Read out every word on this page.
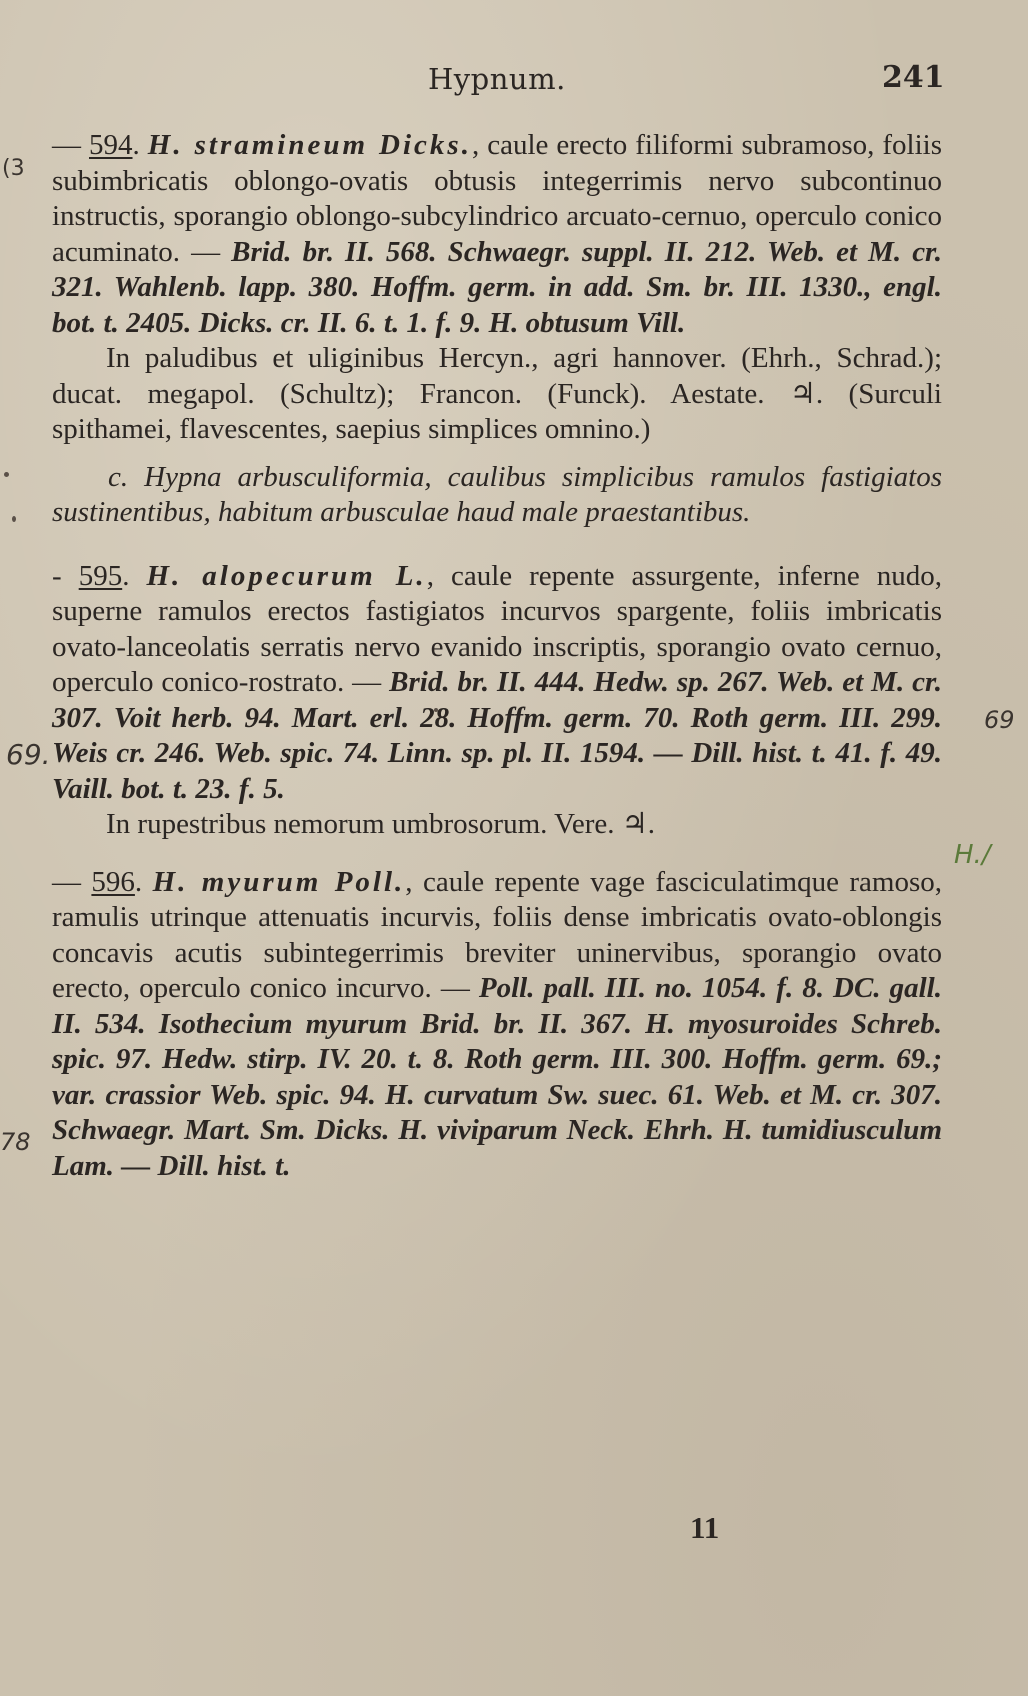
Hypnum.	241
(3
69.
69
H./
78

— 594. H. stramineum Dicks., caule erecto filiformi subramoso, foliis subimbricatis oblongo-ovatis obtusis integerrimis nervo subcontinuo instructis, sporangio oblongo-subcylindrico arcuato-cernuo, operculo conico acuminato. — Brid. br. II. 568. Schwaegr. suppl. II. 212. Web. et M. cr. 321. Wahlenb. lapp. 380. Hoffm. germ. in add. Sm. br. III. 1330., engl. bot. t. 2405. Dicks. cr. II. 6. t. 1. f. 9. H. obtusum Vill.

In paludibus et uliginibus Hercyn., agri hannover. (Ehrh., Schrad.); ducat. megapol. (Schultz); Francon. (Funck). Aestate. ♃. (Surculi spithamei, flavescentes, saepius simplices omnino.)

c. Hypna arbusculiformia, caulibus simplicibus ramulos fastigiatos sustinentibus, habitum arbusculae haud male praestantibus.

- 595. H. alopecurum L., caule repente assurgente, inferne nudo, superne ramulos erectos fastigiatos incurvos spargente, foliis imbricatis ovato-lanceolatis serratis nervo evanido inscriptis, sporangio ovato cernuo, operculo conico-rostrato. — Brid. br. II. 444. Hedw. sp. 267. Web. et M. cr. 307. Voit herb. 94. Mart. erl. 28. Hoffm. germ. 70. Roth germ. III. 299. Weis cr. 246. Web. spic. 74. Linn. sp. pl. II. 1594. — Dill. hist. t. 41. f. 49. Vaill. bot. t. 23. f. 5.

In rupestribus nemorum umbrosorum. Vere. ♃.

— 596. H. myurum Poll., caule repente vage fasciculatimque ramoso, ramulis utrinque attenuatis incurvis, foliis dense imbricatis ovato-oblongis concavis acutis subintegerrimis breviter uninervibus, sporangio ovato erecto, operculo conico incurvo. — Poll. pall. III. no. 1054. f. 8. DC. gall. II. 534. Isothecium myurum Brid. br. II. 367. H. myosuroides Schreb. spic. 97. Hedw. stirp. IV. 20. t. 8. Roth germ. III. 300. Hoffm. germ. 69.; var. crassior Web. spic. 94. H. curvatum Sw. suec. 61. Web. et M. cr. 307. Schwaegr. Mart. Sm. Dicks. H. viviparum Neck. Ehrh. H. tumidiusculum Lam. — Dill. hist. t.

11
